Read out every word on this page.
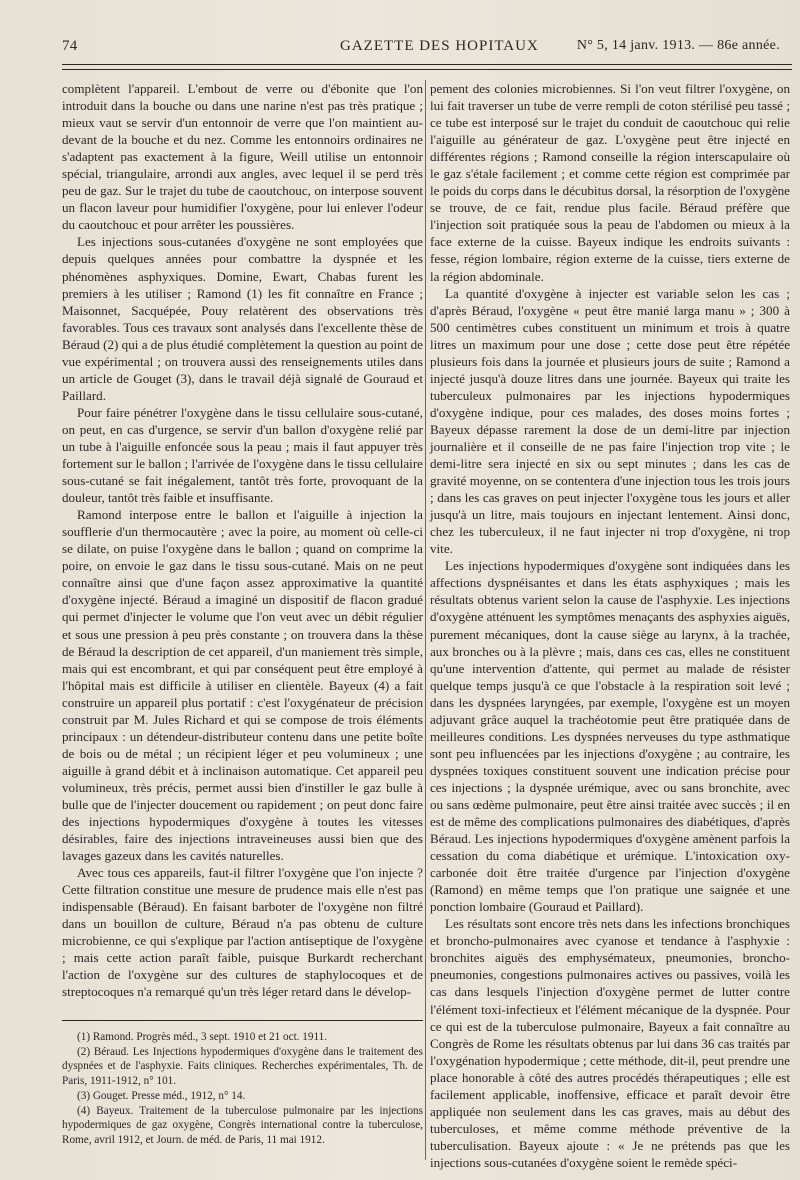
74	GAZETTE DES HOPITAUX	N° 5, 14 janv. 1913. — 86e année.

complètent l'appareil. L'embout de verre ou d'ébonite que l'on introduit dans la bouche ou dans une narine n'est pas très pratique ; mieux vaut se servir d'un entonnoir de verre que l'on maintient au-devant de la bouche et du nez. Comme les entonnoirs ordinaires ne s'adaptent pas exactement à la figure, Weill utilise un entonnoir spécial, triangulaire, arrondi aux angles, avec lequel il se perd très peu de gaz. Sur le trajet du tube de caoutchouc, on interpose souvent un flacon laveur pour humidifier l'oxygène, pour lui enlever l'odeur du caoutchouc et pour arrêter les poussières.

Les injections sous-cutanées d'oxygène ne sont employées que depuis quelques années pour combattre la dyspnée et les phénomènes asphyxiques. Domine, Ewart, Chabas furent les premiers à les utiliser ; Ramond (1) les fit connaître en France ; Maisonnet, Sacquépée, Pouy relatèrent des observations très favorables. Tous ces travaux sont analysés dans l'excellente thèse de Béraud (2) qui a de plus étudié complètement la question au point de vue expérimental ; on trouvera aussi des renseignements utiles dans un article de Gouget (3), dans le travail déjà signalé de Gouraud et Paillard.

Pour faire pénétrer l'oxygène dans le tissu cellulaire sous-cutané, on peut, en cas d'urgence, se servir d'un ballon d'oxygène relié par un tube à l'aiguille enfoncée sous la peau ; mais il faut appuyer très fortement sur le ballon ; l'arrivée de l'oxygène dans le tissu cellulaire sous-cutané se fait inégalement, tantôt très forte, provoquant de la douleur, tantôt très faible et insuffisante.

Ramond interpose entre le ballon et l'aiguille à injection la soufflerie d'un thermocautère ; avec la poire, au moment où celle-ci se dilate, on puise l'oxygène dans le ballon ; quand on comprime la poire, on envoie le gaz dans le tissu sous-cutané. Mais on ne peut connaître ainsi que d'une façon assez approximative la quantité d'oxygène injecté. Béraud a imaginé un dispositif de flacon gradué qui permet d'injecter le volume que l'on veut avec un débit régulier et sous une pression à peu près constante ; on trouvera dans la thèse de Béraud la description de cet appareil, d'un maniement très simple, mais qui est encombrant, et qui par conséquent peut être employé à l'hôpital mais est difficile à utiliser en clientèle. Bayeux (4) a fait construire un appareil plus portatif : c'est l'oxygénateur de précision construit par M. Jules Richard et qui se compose de trois éléments principaux : un détendeur-distributeur contenu dans une petite boîte de bois ou de métal ; un récipient léger et peu volumineux ; une aiguille à grand débit et à inclinaison automatique. Cet appareil peu volumineux, très précis, permet aussi bien d'instiller le gaz bulle à bulle que de l'injecter doucement ou rapidement ; on peut donc faire des injections hypodermiques d'oxygène à toutes les vitesses désirables, faire des injections intraveineuses aussi bien que des lavages gazeux dans les cavités naturelles.

Avec tous ces appareils, faut-il filtrer l'oxygène que l'on injecte ? Cette filtration constitue une mesure de prudence mais elle n'est pas indispensable (Béraud). En faisant barboter de l'oxygène non filtré dans un bouillon de culture, Béraud n'a pas obtenu de culture microbienne, ce qui s'explique par l'action antiseptique de l'oxygène ; mais cette action paraît faible, puisque Burkardt recherchant l'action de l'oxygène sur des cultures de staphylocoques et de streptocoques n'a remarqué qu'un très léger retard dans le dévelop-

(1) Ramond. Progrès méd., 3 sept. 1910 et 21 oct. 1911.

(2) Béraud. Les Injections hypodermiques d'oxygène dans le traitement des dyspnées et de l'asphyxie. Faits cliniques. Recherches expérimentales, Th. de Paris, 1911-1912, n° 101.

(3) Gouget. Presse méd., 1912, n° 14.

(4) Bayeux. Traitement de la tuberculose pulmonaire par les injections hypodermiques de gaz oxygène, Congrès international contre la tuberculose, Rome, avril 1912, et Journ. de méd. de Paris, 11 mai 1912.

pement des colonies microbiennes. Si l'on veut filtrer l'oxygène, on lui fait traverser un tube de verre rempli de coton stérilisé peu tassé ; ce tube est interposé sur le trajet du conduit de caoutchouc qui relie l'aiguille au générateur de gaz. L'oxygène peut être injecté en différentes régions ; Ramond conseille la région interscapulaire où le gaz s'étale facilement ; et comme cette région est comprimée par le poids du corps dans le décubitus dorsal, la résorption de l'oxygène se trouve, de ce fait, rendue plus facile. Béraud préfère que l'injection soit pratiquée sous la peau de l'abdomen ou mieux à la face externe de la cuisse. Bayeux indique les endroits suivants : fesse, région lombaire, région externe de la cuisse, tiers externe de la région abdominale.

La quantité d'oxygène à injecter est variable selon les cas ; d'après Béraud, l'oxygène « peut être manié larga manu » ; 300 à 500 centimètres cubes constituent un minimum et trois à quatre litres un maximum pour une dose ; cette dose peut être répétée plusieurs fois dans la journée et plusieurs jours de suite ; Ramond a injecté jusqu'à douze litres dans une journée. Bayeux qui traite les tuberculeux pulmonaires par les injections hypodermiques d'oxygène indique, pour ces malades, des doses moins fortes ; Bayeux dépasse rarement la dose de un demi-litre par injection journalière et il conseille de ne pas faire l'injection trop vite ; le demi-litre sera injecté en six ou sept minutes ; dans les cas de gravité moyenne, on se contentera d'une injection tous les trois jours ; dans les cas graves on peut injecter l'oxygène tous les jours et aller jusqu'à un litre, mais toujours en injectant lentement. Ainsi donc, chez les tuberculeux, il ne faut injecter ni trop d'oxygène, ni trop vite.

Les injections hypodermiques d'oxygène sont indiquées dans les affections dyspnéisantes et dans les états asphyxiques ; mais les résultats obtenus varient selon la cause de l'asphyxie. Les injections d'oxygène atténuent les symptômes menaçants des asphyxies aiguës, purement mécaniques, dont la cause siège au larynx, à la trachée, aux bronches ou à la plèvre ; mais, dans ces cas, elles ne constituent qu'une intervention d'attente, qui permet au malade de résister quelque temps jusqu'à ce que l'obstacle à la respiration soit levé ; dans les dyspnées laryngées, par exemple, l'oxygène est un moyen adjuvant grâce auquel la trachéotomie peut être pratiquée dans de meilleures conditions. Les dyspnées nerveuses du type asthmatique sont peu influencées par les injections d'oxygène ; au contraire, les dyspnées toxiques constituent souvent une indication précise pour ces injections ; la dyspnée urémique, avec ou sans bronchite, avec ou sans œdème pulmonaire, peut être ainsi traitée avec succès ; il en est de même des complications pulmonaires des diabétiques, d'après Béraud. Les injections hypodermiques d'oxygène amènent parfois la cessation du coma diabétique et urémique. L'intoxication oxy-carbonée doit être traitée d'urgence par l'injection d'oxygène (Ramond) en même temps que l'on pratique une saignée et une ponction lombaire (Gouraud et Paillard).

Les résultats sont encore très nets dans les infections bronchiques et broncho-pulmonaires avec cyanose et tendance à l'asphyxie : bronchites aiguës des emphysémateux, pneumonies, broncho-pneumonies, congestions pulmonaires actives ou passives, voilà les cas dans lesquels l'injection d'oxygène permet de lutter contre l'élément toxi-infectieux et l'élément mécanique de la dyspnée. Pour ce qui est de la tuberculose pulmonaire, Bayeux a fait connaître au Congrès de Rome les résultats obtenus par lui dans 36 cas traités par l'oxygénation hypodermique ; cette méthode, dit-il, peut prendre une place honorable à côté des autres procédés thérapeutiques ; elle est facilement applicable, inoffensive, efficace et paraît devoir être appliquée non seulement dans les cas graves, mais au début des tuberculoses, et même comme méthode préventive de la tuberculisation. Bayeux ajoute : « Je ne prétends pas que les injections sous-cutanées d'oxygène soient le remède spéci-
